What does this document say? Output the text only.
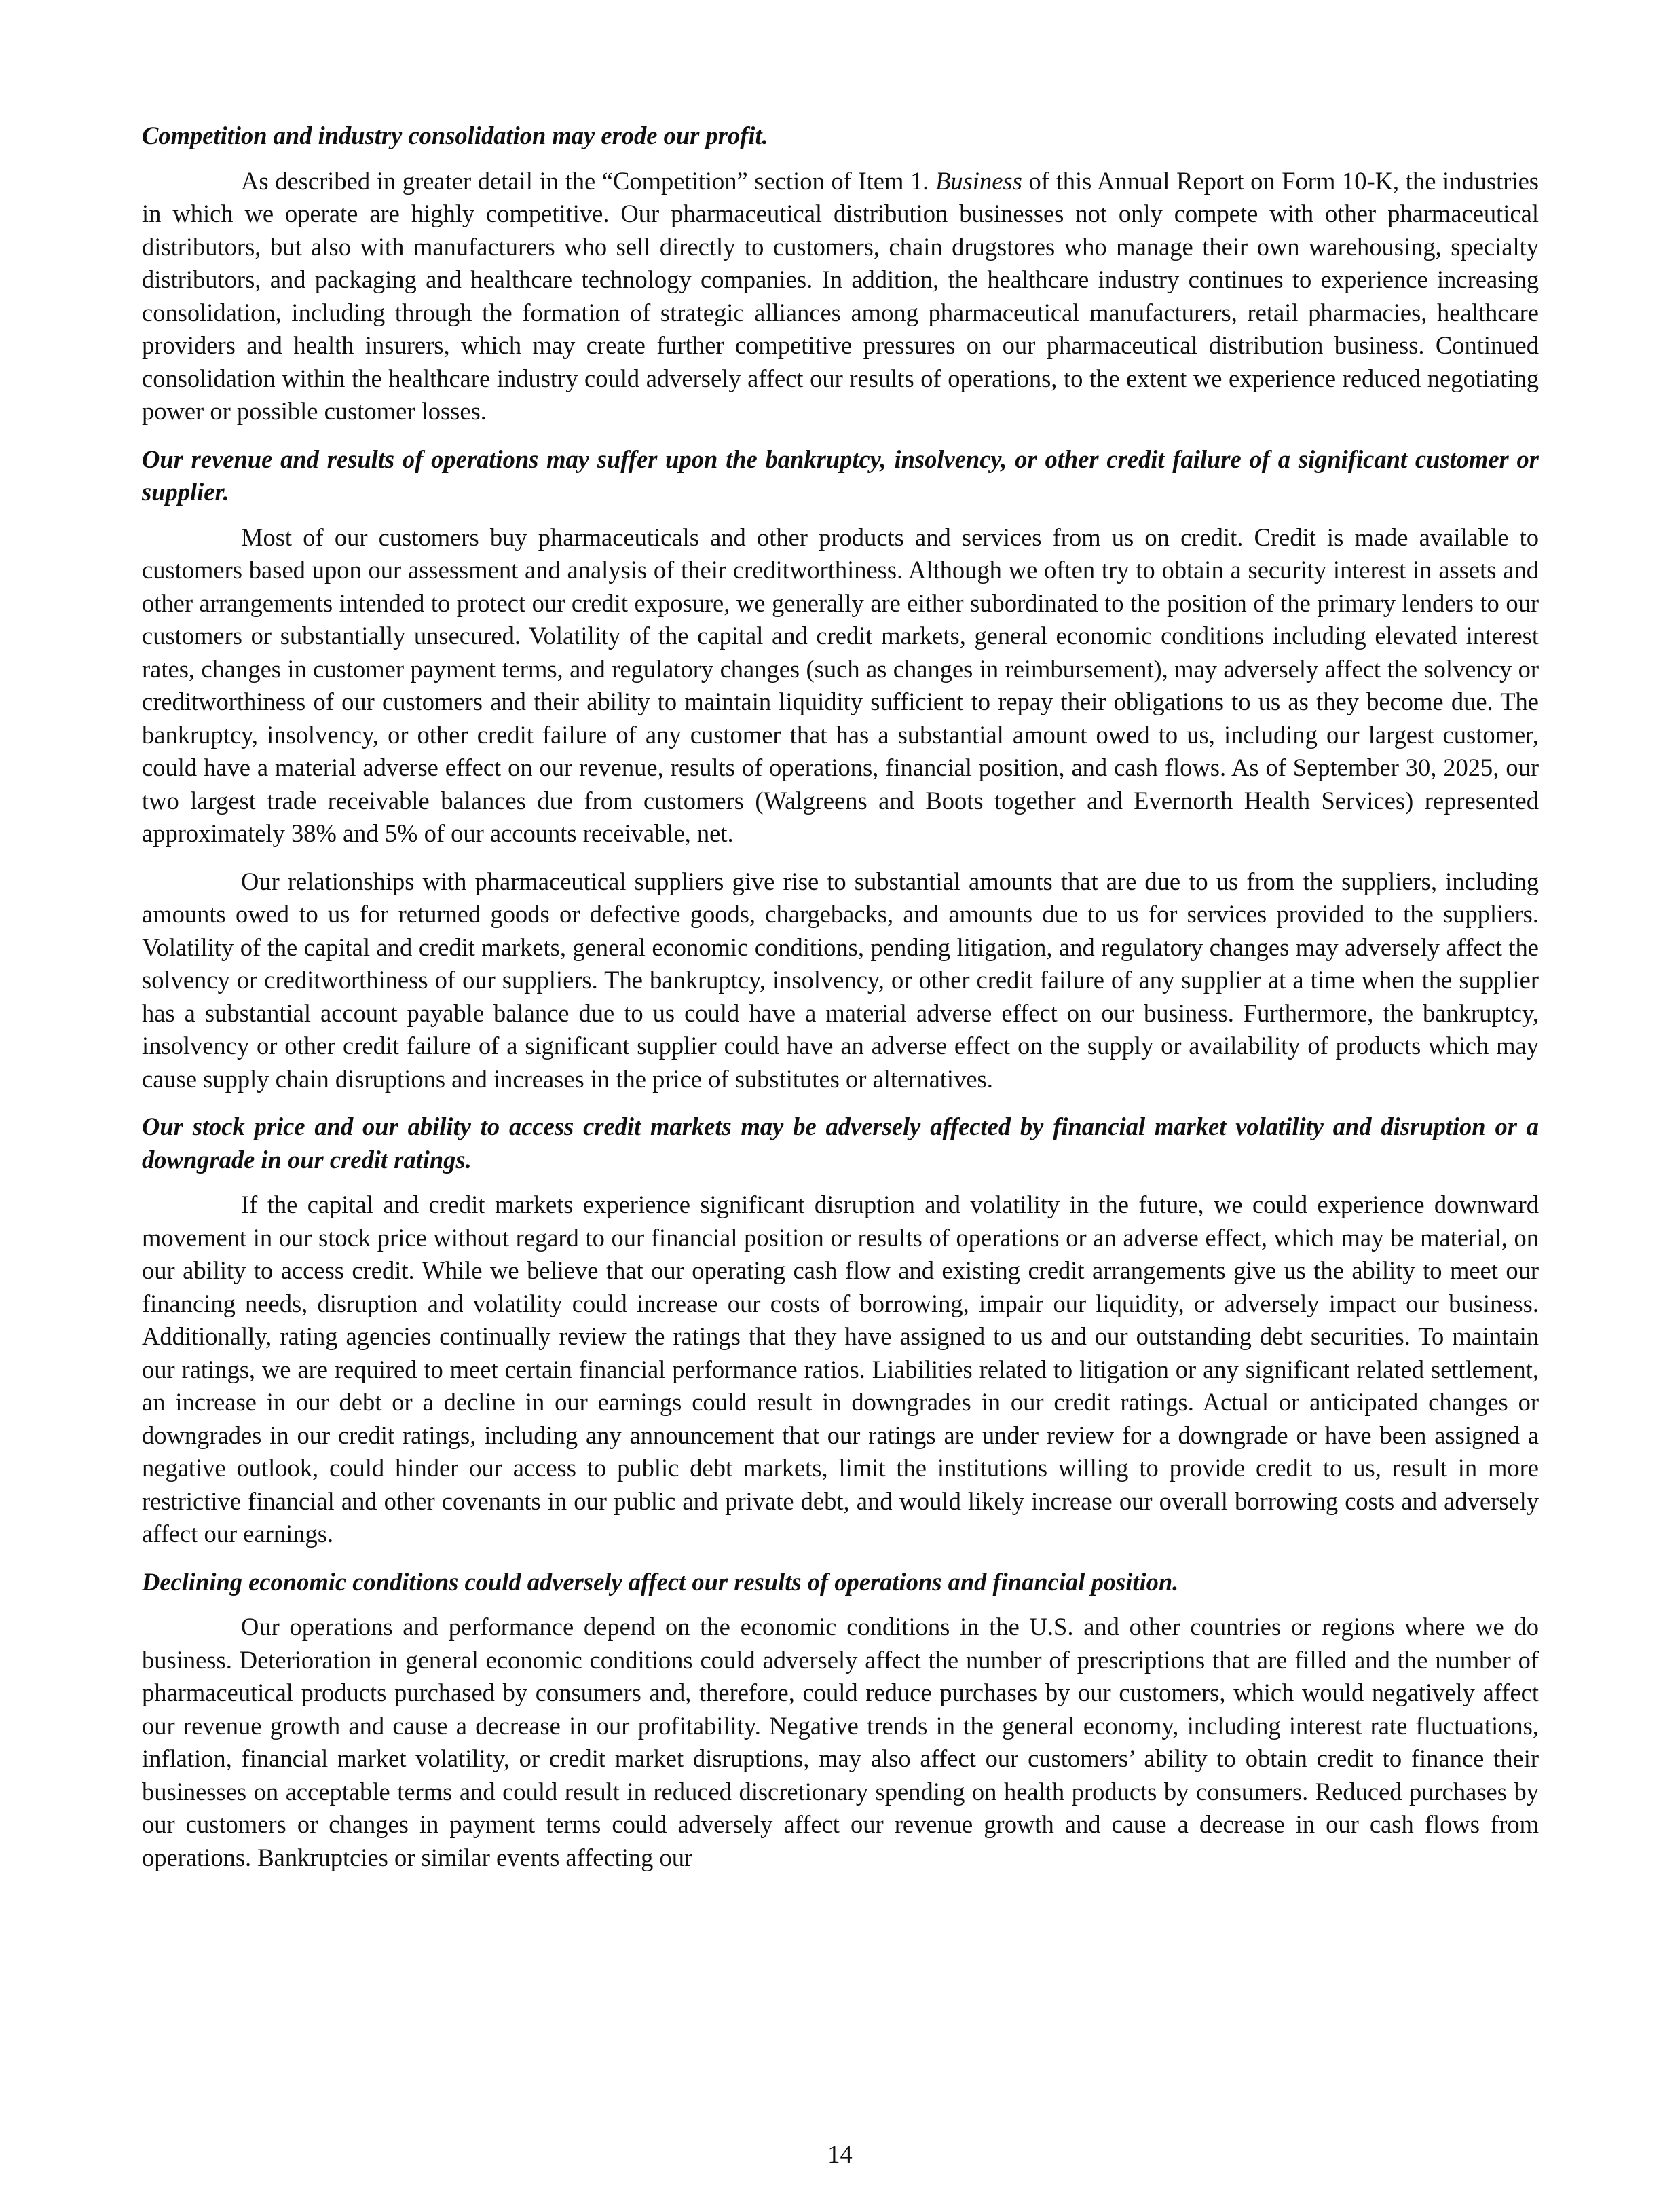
Competition and industry consolidation may erode our profit.
As described in greater detail in the “Competition” section of Item 1. Business of this Annual Report on Form 10-K, the industries in which we operate are highly competitive. Our pharmaceutical distribution businesses not only compete with other pharmaceutical distributors, but also with manufacturers who sell directly to customers, chain drugstores who manage their own warehousing, specialty distributors, and packaging and healthcare technology companies. In addition, the healthcare industry continues to experience increasing consolidation, including through the formation of strategic alliances among pharmaceutical manufacturers, retail pharmacies, healthcare providers and health insurers, which may create further competitive pressures on our pharmaceutical distribution business. Continued consolidation within the healthcare industry could adversely affect our results of operations, to the extent we experience reduced negotiating power or possible customer losses.
Our revenue and results of operations may suffer upon the bankruptcy, insolvency, or other credit failure of a significant customer or supplier.
Most of our customers buy pharmaceuticals and other products and services from us on credit. Credit is made available to customers based upon our assessment and analysis of their creditworthiness. Although we often try to obtain a security interest in assets and other arrangements intended to protect our credit exposure, we generally are either subordinated to the position of the primary lenders to our customers or substantially unsecured. Volatility of the capital and credit markets, general economic conditions including elevated interest rates, changes in customer payment terms, and regulatory changes (such as changes in reimbursement), may adversely affect the solvency or creditworthiness of our customers and their ability to maintain liquidity sufficient to repay their obligations to us as they become due. The bankruptcy, insolvency, or other credit failure of any customer that has a substantial amount owed to us, including our largest customer, could have a material adverse effect on our revenue, results of operations, financial position, and cash flows. As of September 30, 2025, our two largest trade receivable balances due from customers (Walgreens and Boots together and Evernorth Health Services) represented approximately 38% and 5% of our accounts receivable, net.
Our relationships with pharmaceutical suppliers give rise to substantial amounts that are due to us from the suppliers, including amounts owed to us for returned goods or defective goods, chargebacks, and amounts due to us for services provided to the suppliers. Volatility of the capital and credit markets, general economic conditions, pending litigation, and regulatory changes may adversely affect the solvency or creditworthiness of our suppliers. The bankruptcy, insolvency, or other credit failure of any supplier at a time when the supplier has a substantial account payable balance due to us could have a material adverse effect on our business. Furthermore, the bankruptcy, insolvency or other credit failure of a significant supplier could have an adverse effect on the supply or availability of products which may cause supply chain disruptions and increases in the price of substitutes or alternatives.
Our stock price and our ability to access credit markets may be adversely affected by financial market volatility and disruption or a downgrade in our credit ratings.
If the capital and credit markets experience significant disruption and volatility in the future, we could experience downward movement in our stock price without regard to our financial position or results of operations or an adverse effect, which may be material, on our ability to access credit. While we believe that our operating cash flow and existing credit arrangements give us the ability to meet our financing needs, disruption and volatility could increase our costs of borrowing, impair our liquidity, or adversely impact our business. Additionally, rating agencies continually review the ratings that they have assigned to us and our outstanding debt securities. To maintain our ratings, we are required to meet certain financial performance ratios. Liabilities related to litigation or any significant related settlement, an increase in our debt or a decline in our earnings could result in downgrades in our credit ratings. Actual or anticipated changes or downgrades in our credit ratings, including any announcement that our ratings are under review for a downgrade or have been assigned a negative outlook, could hinder our access to public debt markets, limit the institutions willing to provide credit to us, result in more restrictive financial and other covenants in our public and private debt, and would likely increase our overall borrowing costs and adversely affect our earnings.
Declining economic conditions could adversely affect our results of operations and financial position.
Our operations and performance depend on the economic conditions in the U.S. and other countries or regions where we do business. Deterioration in general economic conditions could adversely affect the number of prescriptions that are filled and the number of pharmaceutical products purchased by consumers and, therefore, could reduce purchases by our customers, which would negatively affect our revenue growth and cause a decrease in our profitability. Negative trends in the general economy, including interest rate fluctuations, inflation, financial market volatility, or credit market disruptions, may also affect our customers’ ability to obtain credit to finance their businesses on acceptable terms and could result in reduced discretionary spending on health products by consumers. Reduced purchases by our customers or changes in payment terms could adversely affect our revenue growth and cause a decrease in our cash flows from operations. Bankruptcies or similar events affecting our
14
